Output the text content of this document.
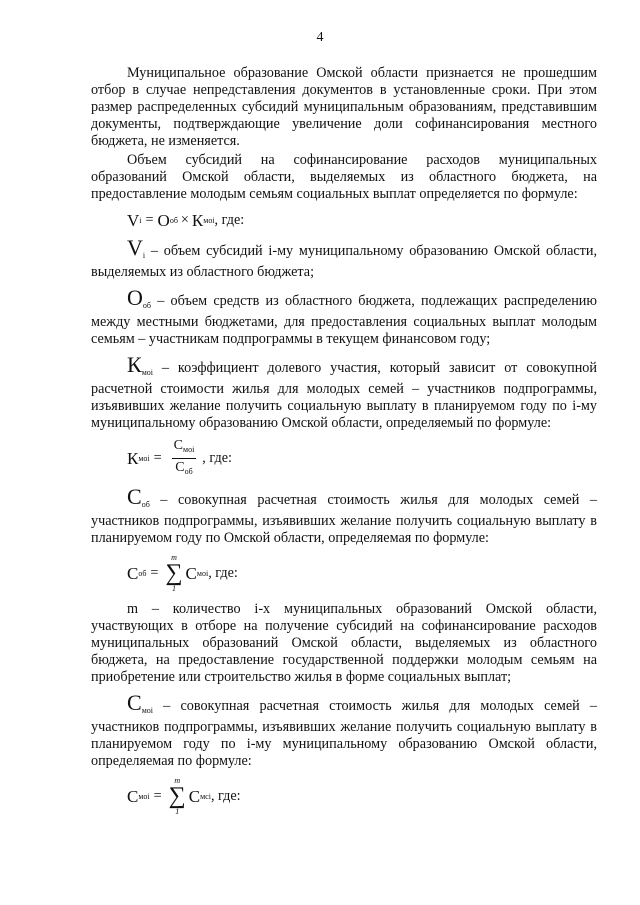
4

Муниципальное образование Омской области признается не прошедшим отбор в случае непредставления документов в установленные сроки. При этом размер распределенных субсидий муниципальным образованиям, представившим документы, подтверждающие увеличение доли софинансирования местного бюджета, не изменяется.

Объем субсидий на софинансирование расходов муниципальных образований Омской области, выделяемых из областного бюджета, на предоставление молодым семьям социальных выплат определяется по формуле:

V i = О об × К моi , где:

$V_i$ – объем субсидий i-му муниципальному образованию Омской области, выделяемых из областного бюджета;

$О_{об}$ – объем средств из областного бюджета, подлежащих распределению между местными бюджетами, для предоставления социальных выплат молодым семьям – участникам подпрограммы в текущем финансовом году;

$К_{моi}$ – коэффициент долевого участия, который зависит от совокупной расчетной стоимости жилья для молодых семей – участников подпрограммы, изъявивших желание получить социальную выплату в планируемом году по i-му муниципальному образованию Омской области, определяемый по формуле:

К моi = $\frac{С_{моi}}{С_{об}}$ , где:

$С_{об}$ – совокупная расчетная стоимость жилья для молодых семей – участников подпрограммы, изъявивших желание получить социальную выплату в планируемом году по Омской области, определяемая по формуле:

С об =
m
∑
1
С моi , где:

m – количество i-х муниципальных образований Омской области, участвующих в отборе на получение субсидий на софинансирование расходов муниципальных образований Омской области, выделяемых из областного бюджета, на предоставление государственной поддержки молодым семьям на приобретение или строительство жилья в форме социальных выплат;

$С_{моi}$ – совокупная расчетная стоимость жилья для молодых семей – участников подпрограммы, изъявивших желание получить социальную выплату в планируемом году по i-му муниципальному образованию Омской области, определяемая по формуле:

С моi =
m
∑
1
С мсi , где:
